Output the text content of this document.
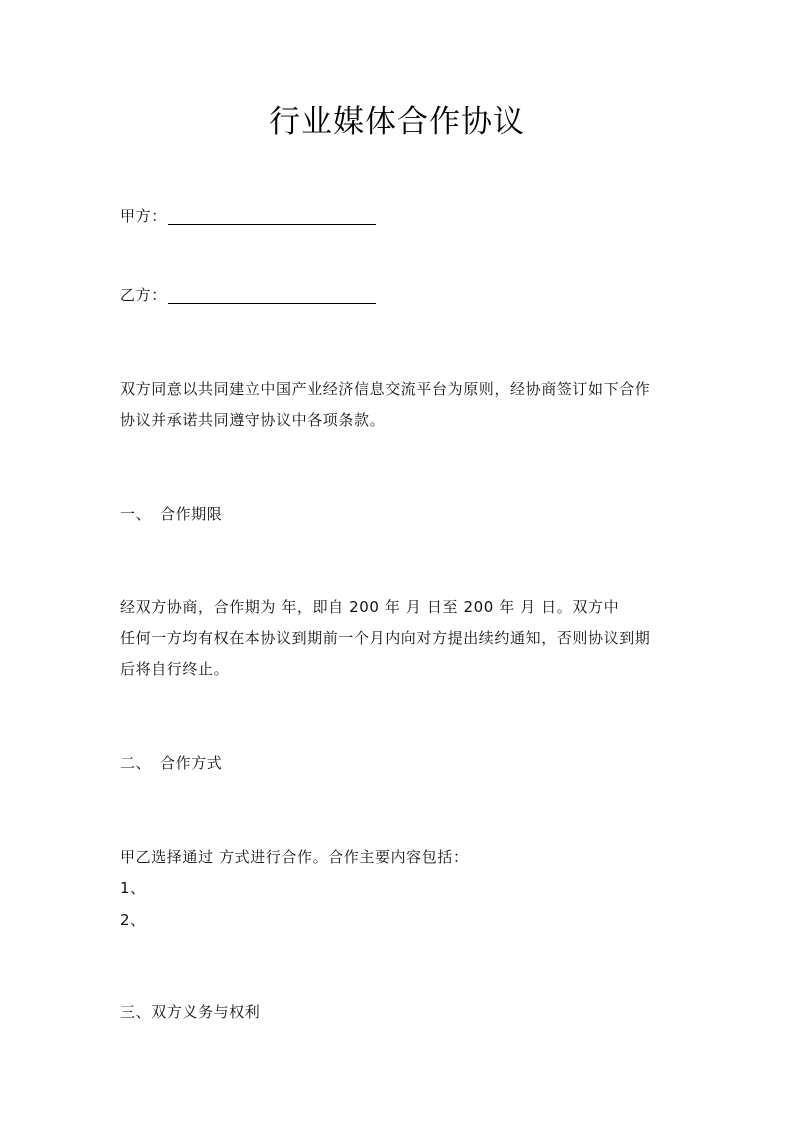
行业媒体合作协议
甲方：
乙方：
双方同意以共同建立中国产业经济信息交流平台为原则，经协商签订如下合作
协议并承诺共同遵守协议中各项条款。
一、 合作期限
经双方协商，合作期为 年，即自 200 年 月 日至 200 年 月 日。双方中
任何一方均有权在本协议到期前一个月内向对方提出续约通知，否则协议到期
后将自行终止。
二、 合作方式
甲乙选择通过 方式进行合作。合作主要内容包括：
1、
2、
三、双方义务与权利
